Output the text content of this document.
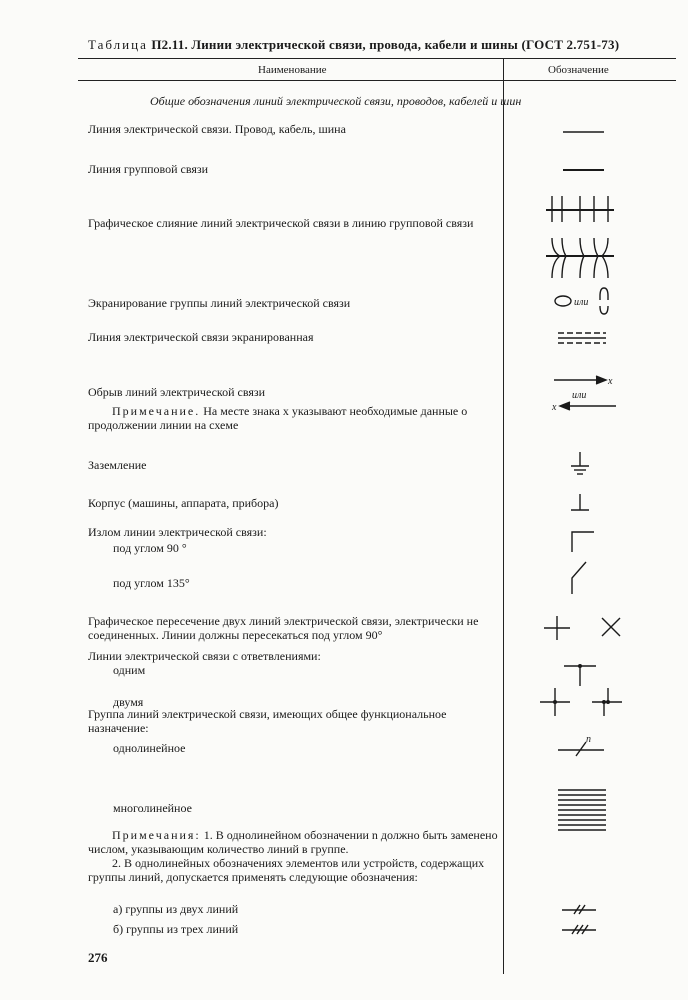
Таблица П2.11. Линии электрической связи, провода, кабели и шины (ГОСТ 2.751-73)
Наименование	Обозначение
Общие обозначения линий электрической связи, проводов, кабелей и шин
Линия электрической связи. Провод, кабель, шина
Линия групповой связи
Графическое слияние линий электрической связи в линию групповой связи
Экранирование группы линий электрической связи
Линия электрической связи экранированная
Обрыв линий электрической связи
Примечание. На месте знака x указывают необходимые данные о продолжении линии на схеме
Заземление
Корпус (машины, аппарата, прибора)
Излом линии электрической связи:
под углом 90 °
под углом 135°
Графическое пересечение двух линий электрической связи, электрически не соединенных. Линии должны пересекаться под углом 90°
Линии электрической связи с ответвлениями:
одним
двумя
Группа линий электрической связи, имеющих общее функциональное назначение:
однолинейное
многолинейное
Примечания: 1. В однолинейном обозначении n должно быть заменено числом, указывающим количество линий в группе.
2. В однолинейных обозначениях элементов или устройств, содержащих группы линий, допускается применять следующие обозначения:
а) группы из двух линий
б) группы из трех линий
276
или
x
или
x
n
